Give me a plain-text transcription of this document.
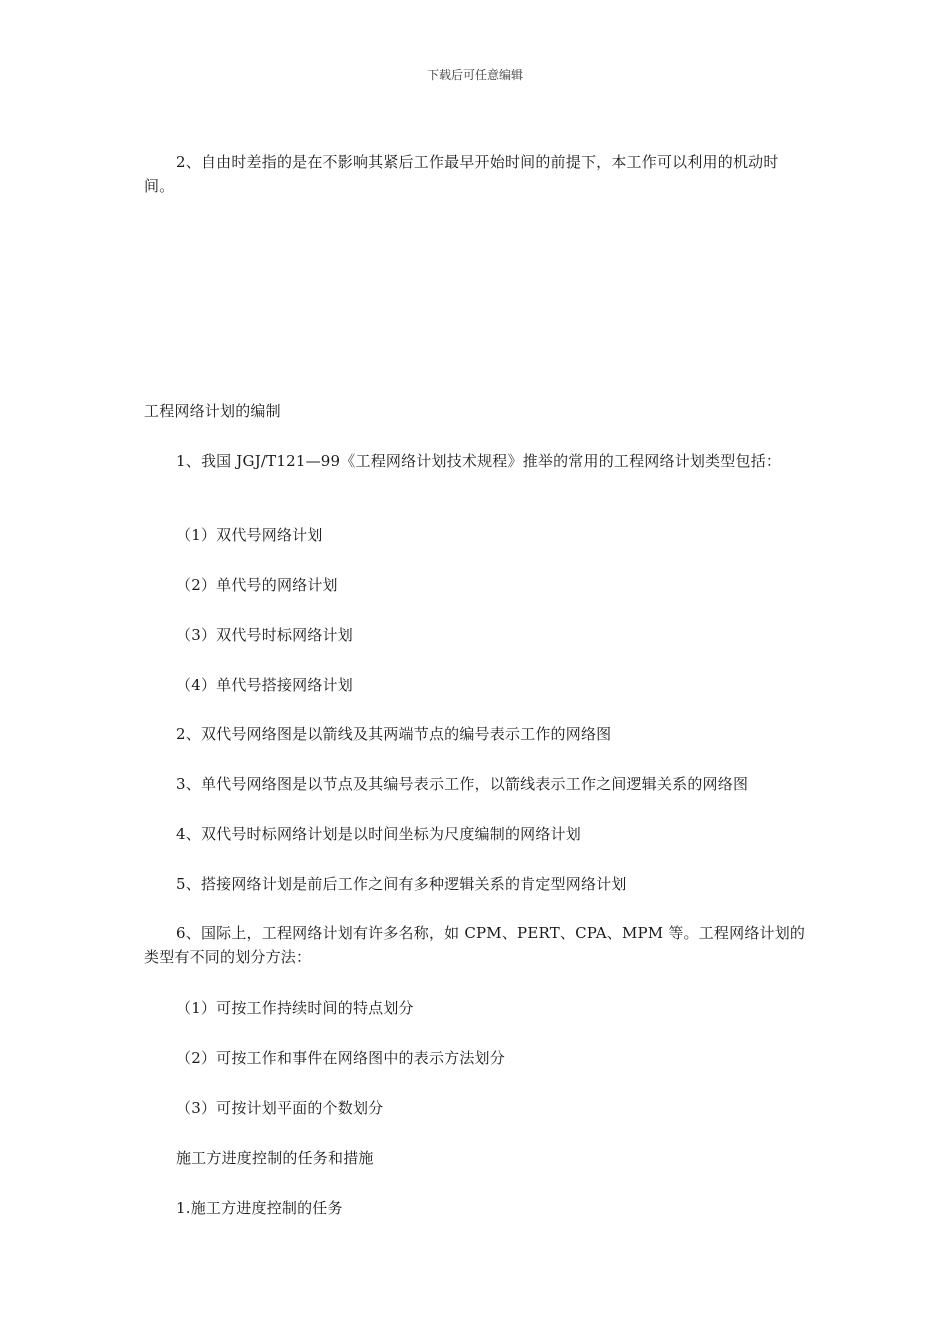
下载后可任意编辑

2、自由时差指的是在不影响其紧后工作最早开始时间的前提下，本工作可以利用的机动时间。

工程网络计划的编制

1、我国 JGJ/T121—99《工程网络计划技术规程》推举的常用的工程网络计划类型包括：

（1）双代号网络计划

（2）单代号的网络计划

（3）双代号时标网络计划

（4）单代号搭接网络计划

2、双代号网络图是以箭线及其两端节点的编号表示工作的网络图

3、单代号网络图是以节点及其编号表示工作，以箭线表示工作之间逻辑关系的网络图

4、双代号时标网络计划是以时间坐标为尺度编制的网络计划

5、搭接网络计划是前后工作之间有多种逻辑关系的肯定型网络计划

6、国际上，工程网络计划有许多名称，如 CPM、PERT、CPA、MPM 等。工程网络计划的类型有不同的划分方法：

（1）可按工作持续时间的特点划分

（2）可按工作和事件在网络图中的表示方法划分

（3）可按计划平面的个数划分

施工方进度控制的任务和措施

1.施工方进度控制的任务
